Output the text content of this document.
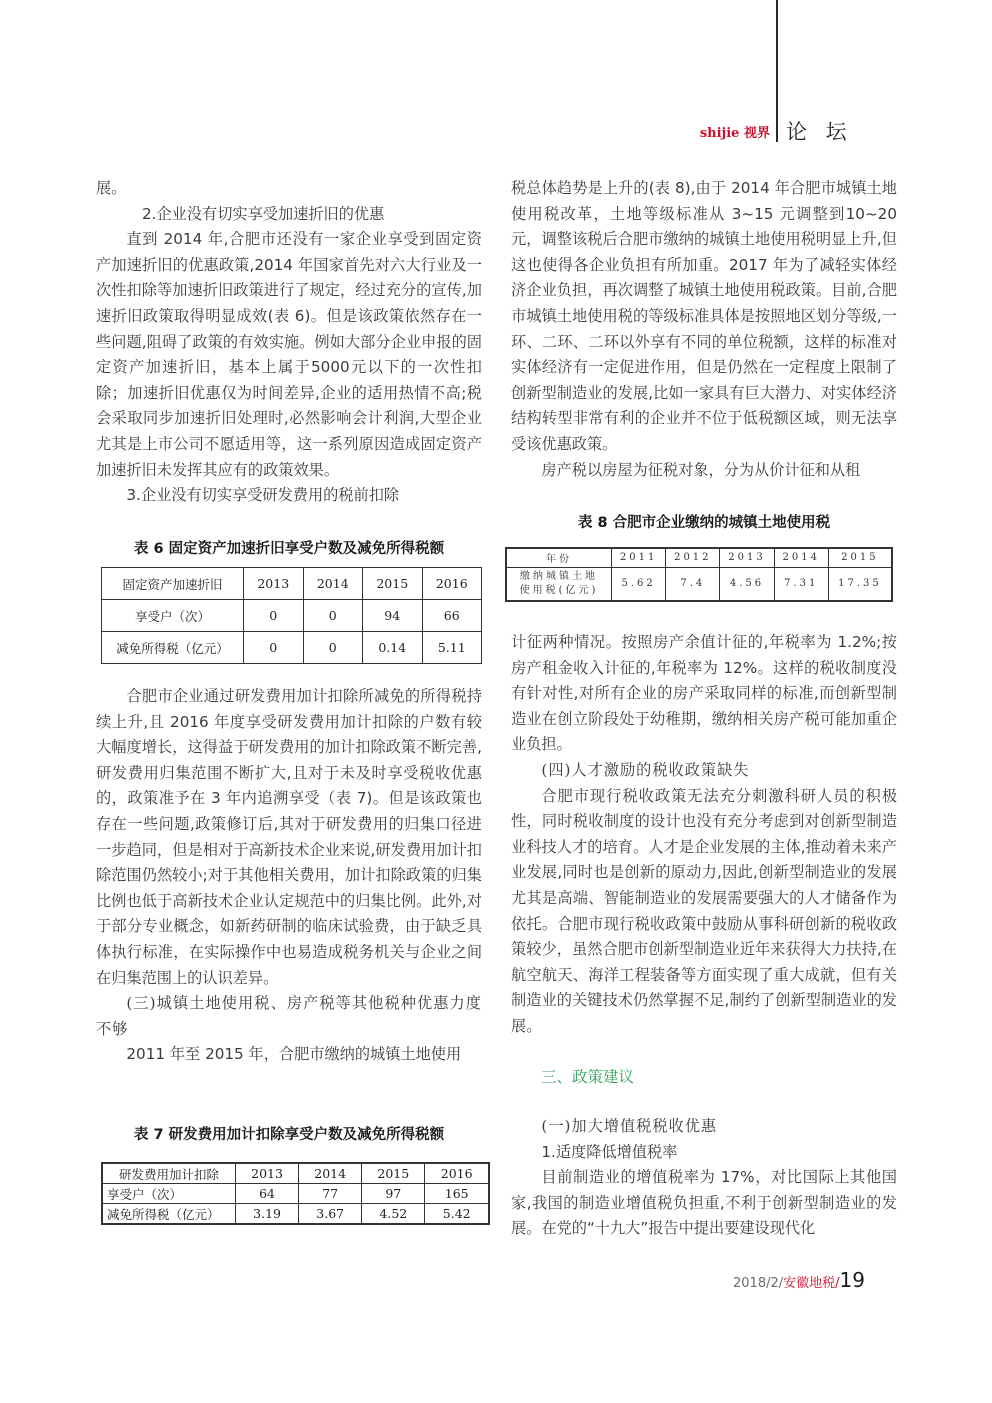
shijie 视界 论 坛

展。

2.企业没有切实享受加速折旧的优惠

直到 2014 年,合肥市还没有一家企业享受到固定资产加速折旧的优惠政策,2014 年国家首先对六大行业及一次性扣除等加速折旧政策进行了规定，经过充分的宣传,加速折旧政策取得明显成效(表 6)。但是该政策依然存在一些问题,阻碍了政策的有效实施。例如大部分企业申报的固定资产加速折旧，基本上属于5000元以下的一次性扣除；加速折旧优惠仅为时间差异,企业的适用热情不高;税会采取同步加速折旧处理时,必然影响会计利润,大型企业尤其是上市公司不愿适用等，这一系列原因造成固定资产加速折旧未发挥其应有的政策效果。

3.企业没有切实享受研发费用的税前扣除

表 6 固定资产加速折旧享受户数及减免所得税额
固定资产加速折旧	2013	2014	2015	2016
享受户（次）	0	0	94	66
减免所得税（亿元）	0	0	0.14	5.11

合肥市企业通过研发费用加计扣除所减免的所得税持续上升,且 2016 年度享受研发费用加计扣除的户数有较大幅度增长，这得益于研发费用的加计扣除政策不断完善,研发费用归集范围不断扩大,且对于未及时享受税收优惠的，政策准予在 3 年内追溯享受（表 7)。但是该政策也存在一些问题,政策修订后,其对于研发费用的归集口径进一步趋同，但是相对于高新技术企业来说,研发费用加计扣除范围仍然较小;对于其他相关费用，加计扣除政策的归集比例也低于高新技术企业认定规范中的归集比例。此外,对于部分专业概念，如新药研制的临床试验费，由于缺乏具体执行标准，在实际操作中也易造成税务机关与企业之间在归集范围上的认识差异。

(三)城镇土地使用税、房产税等其他税种优惠力度不够

2011 年至 2015 年，合肥市缴纳的城镇土地使用

表 7 研发费用加计扣除享受户数及减免所得税额
研发费用加计扣除	2013	2014	2015	2016
享受户（次）	64	77	97	165
减免所得税（亿元）	3.19	3.67	4.52	5.42

税总体趋势是上升的(表 8),由于 2014 年合肥市城镇土地使用税改革，土地等级标准从 3~15 元调整到10~20 元，调整该税后合肥市缴纳的城镇土地使用税明显上升,但这也使得各企业负担有所加重。2017 年为了减轻实体经济企业负担，再次调整了城镇土地使用税政策。目前,合肥市城镇土地使用税的等级标准具体是按照地区划分等级,一环、二环、二环以外享有不同的单位税额，这样的标准对实体经济有一定促进作用，但是仍然在一定程度上限制了创新型制造业的发展,比如一家具有巨大潜力、对实体经济结构转型非常有利的企业并不位于低税额区域，则无法享受该优惠政策。

房产税以房屋为征税对象，分为从价计征和从租

表 8 合肥市企业缴纳的城镇土地使用税
年份	2011	2012	2013	2014	2015

缴纳城镇土地
使用税(亿元)	5.62	7.4	4.56	7.31	17.35

计征两种情况。按照房产余值计征的,年税率为 1.2%;按房产租金收入计征的,年税率为 12%。这样的税收制度没有针对性,对所有企业的房产采取同样的标准,而创新型制造业在创立阶段处于幼稚期，缴纳相关房产税可能加重企业负担。

(四)人才激励的税收政策缺失

合肥市现行税收政策无法充分刺激科研人员的积极性，同时税收制度的设计也没有充分考虑到对创新型制造业科技人才的培育。人才是企业发展的主体,推动着未来产业发展,同时也是创新的原动力,因此,创新型制造业的发展尤其是高端、智能制造业的发展需要强大的人才储备作为依托。合肥市现行税收政策中鼓励从事科研创新的税收政策较少，虽然合肥市创新型制造业近年来获得大力扶持,在航空航天、海洋工程装备等方面实现了重大成就，但有关制造业的关键技术仍然掌握不足,制约了创新型制造业的发展。

三、政策建议

(一)加大增值税税收优惠

1.适度降低增值税率

目前制造业的增值税率为 17%，对比国际上其他国家,我国的制造业增值税负担重,不利于创新型制造业的发展。在党的“十九大”报告中提出要建设现代化

2018/2/安徽地税/19
